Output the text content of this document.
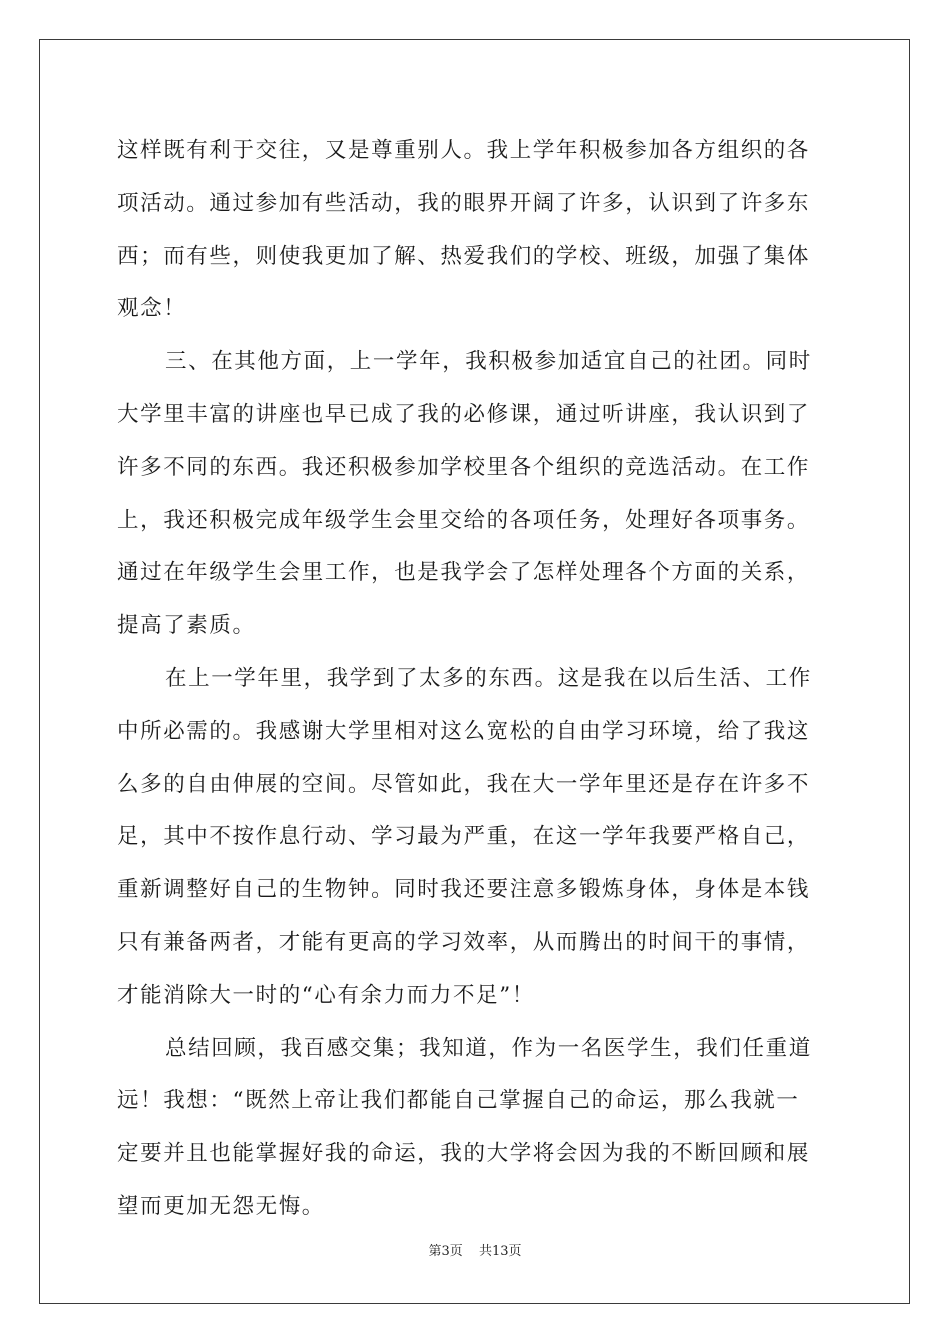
这样既有利于交往，又是尊重别人。我上学年积极参加各方组织的各
项活动。通过参加有些活动，我的眼界开阔了许多，认识到了许多东
西；而有些，则使我更加了解、热爱我们的学校、班级，加强了集体
观念！
三、在其他方面，上一学年，我积极参加适宜自己的社团。同时
大学里丰富的讲座也早已成了我的必修课，通过听讲座，我认识到了
许多不同的东西。我还积极参加学校里各个组织的竞选活动。在工作
上，我还积极完成年级学生会里交给的各项任务，处理好各项事务。
通过在年级学生会里工作，也是我学会了怎样处理各个方面的关系，
提高了素质。
在上一学年里，我学到了太多的东西。这是我在以后生活、工作
中所必需的。我感谢大学里相对这么宽松的自由学习环境，给了我这
么多的自由伸展的空间。尽管如此，我在大一学年里还是存在许多不
足，其中不按作息行动、学习最为严重，在这一学年我要严格自己，
重新调整好自己的生物钟。同时我还要注意多锻炼身体，身体是本钱
只有兼备两者，才能有更高的学习效率，从而腾出的时间干的事情，
才能消除大一时的“心有余力而力不足”！
总结回顾，我百感交集；我知道，作为一名医学生，我们任重道
远！我想：“既然上帝让我们都能自己掌握自己的命运，那么我就一
定要并且也能掌握好我的命运，我的大学将会因为我的不断回顾和展
望而更加无怨无悔。
第3页 共13页
